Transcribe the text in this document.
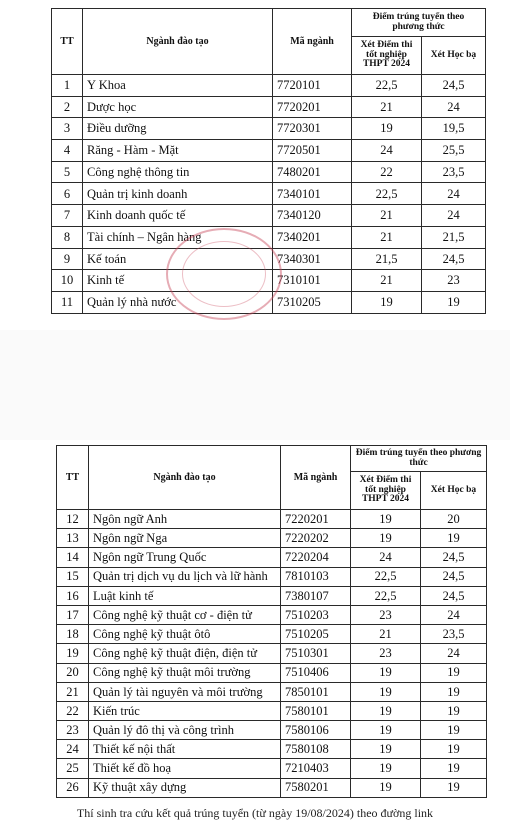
TT	Ngành đào tạo	Mã ngành	Điểm trúng tuyển theo phương thức	
			Xét Điểm thi tốt nghiệp THPT 2024	Xét Học bạ
1	Y Khoa	7720101	22,5	24,5
2	Dược học	7720201	21	24
3	Điều dưỡng	7720301	19	19,5
4	Răng - Hàm - Mặt	7720501	24	25,5
5	Công nghệ thông tin	7480201	22	23,5
6	Quản trị kinh doanh	7340101	22,5	24
7	Kinh doanh quốc tế	7340120	21	24
8	Tài chính – Ngân hàng	7340201	21	21,5
9	Kế toán	7340301	21,5	24,5
10	Kinh tế	7310101	21	23
11	Quản lý nhà nước	7310205	19	19
TT	Ngành đào tạo	Mã ngành	Điểm trúng tuyển theo phương thức	
			Xét Điểm thi tốt nghiệp THPT 2024	Xét Học bạ
12	Ngôn ngữ Anh	7220201	19	20
13	Ngôn ngữ Nga	7220202	19	19
14	Ngôn ngữ Trung Quốc	7220204	24	24,5
15	Quản trị dịch vụ du lịch và lữ hành	7810103	22,5	24,5
16	Luật kinh tế	7380107	22,5	24,5
17	Công nghệ kỹ thuật cơ - điện tử	7510203	23	24
18	Công nghệ kỹ thuật ôtô	7510205	21	23,5
19	Công nghệ kỹ thuật điện, điện tử	7510301	23	24
20	Công nghệ kỹ thuật môi trường	7510406	19	19
21	Quản lý tài nguyên và môi trường	7850101	19	19
22	Kiến trúc	7580101	19	19
23	Quản lý đô thị và công trình	7580106	19	19
24	Thiết kế nội thất	7580108	19	19
25	Thiết kế đồ hoạ	7210403	19	19
26	Kỹ thuật xây dựng	7580201	19	19
Thí sinh tra cứu kết quả trúng tuyển (từ ngày 19/08/2024) theo đường link
